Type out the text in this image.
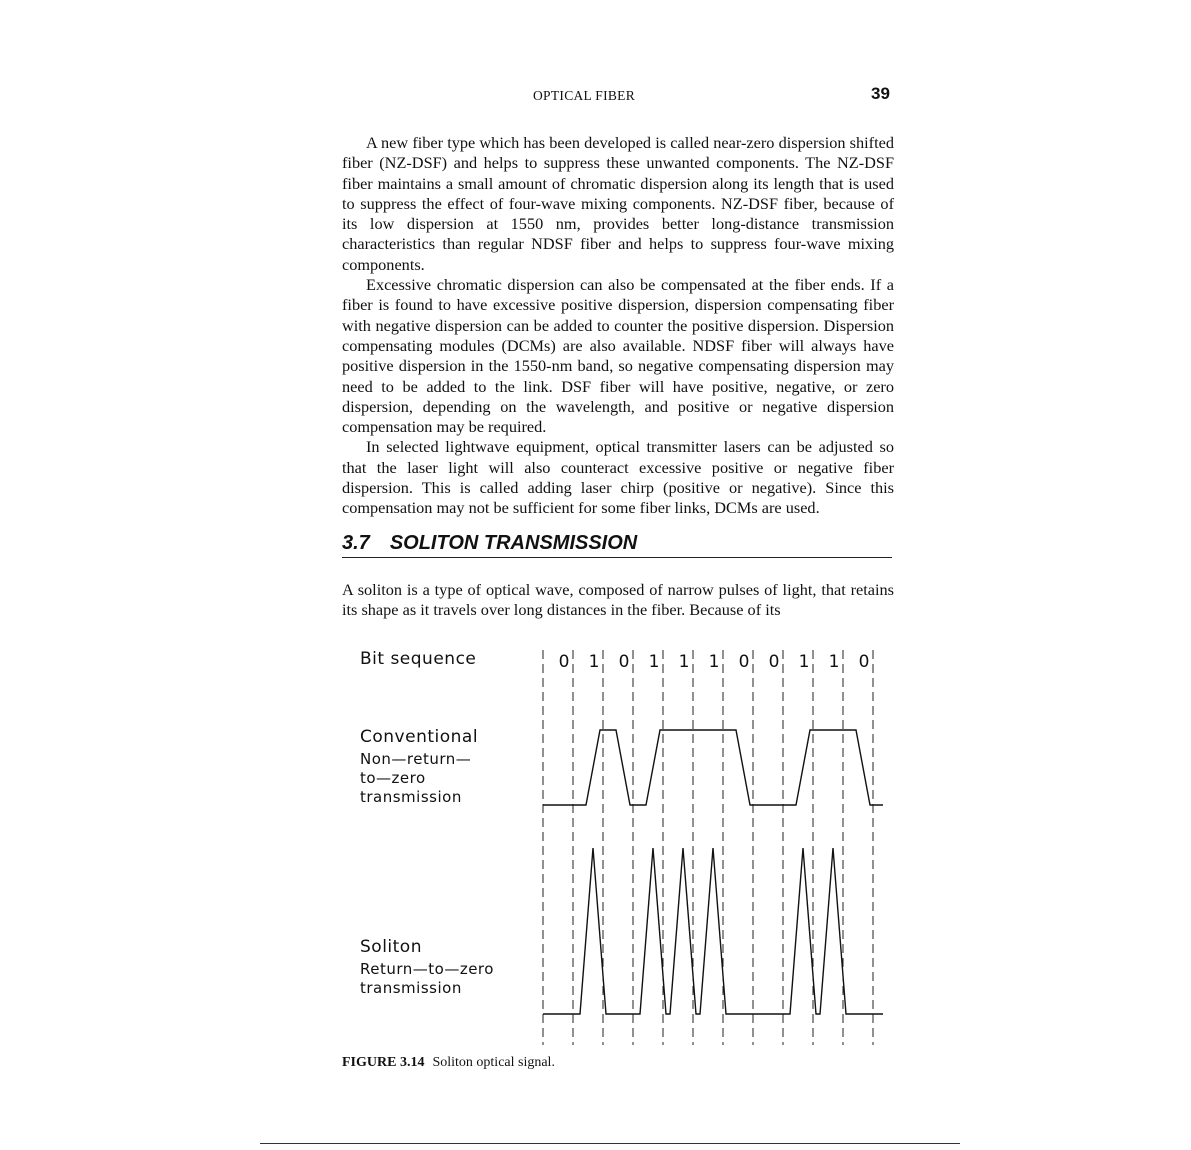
OPTICAL FIBER	39

A new fiber type which has been developed is called near-zero dispersion shifted fiber (NZ-DSF) and helps to suppress these unwanted components. The NZ-DSF fiber maintains a small amount of chromatic dispersion along its length that is used to suppress the effect of four-wave mixing components. NZ-DSF fiber, because of its low dispersion at 1550 nm, provides better long-distance transmission characteristics than regular NDSF fiber and helps to suppress four-wave mixing components.

Excessive chromatic dispersion can also be compensated at the fiber ends. If a fiber is found to have excessive positive dispersion, dispersion compensating fiber with negative dispersion can be added to counter the positive dispersion. Dispersion compensating modules (DCMs) are also available. NDSF fiber will always have positive dispersion in the 1550-nm band, so negative compensating dispersion may need to be added to the link. DSF fiber will have positive, negative, or zero dispersion, depending on the wavelength, and positive or negative dispersion compensation may be required.

In selected lightwave equipment, optical transmitter lasers can be adjusted so that the laser light will also counteract excessive positive or negative fiber dispersion. This is called adding laser chirp (positive or negative). Since this compensation may not be sufficient for some fiber links, DCMs are used.

3.7 SOLITON TRANSMISSION

A soliton is a type of optical wave, composed of narrow pulses of light, that retains its shape as it travels over long distances in the fiber. Because of its

Bit sequence
Conventional
Non—return—
to—zero
transmission
Soliton
Return—to—zero
transmission
0 1 0 1 1 1 0 0 1 1 0
FIGURE 3.14 Soliton optical signal.
